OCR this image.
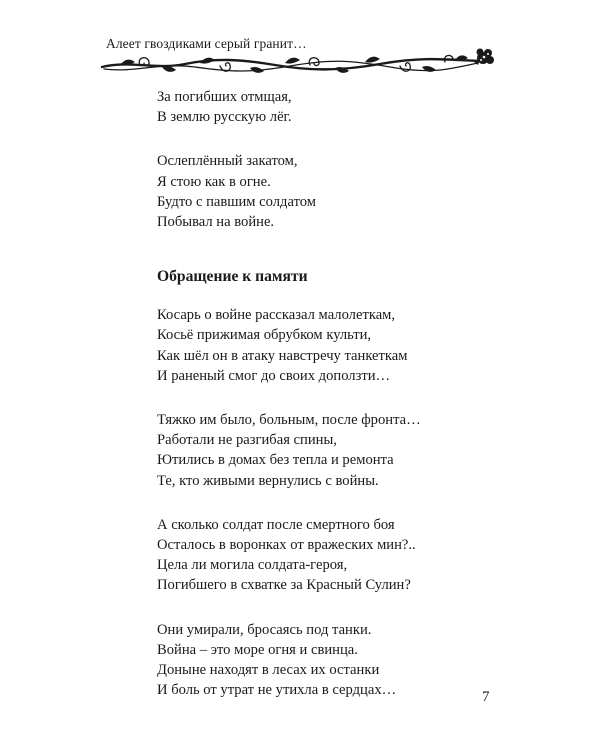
Алеет гвоздиками серый гранит…
За погибших отмщая,
В землю русскую лёг.
Ослеплённый закатом,
Я стою как в огне.
Будто с павшим солдатом
Побывал на войне.
Обращение к памяти
Косарь о войне рассказал малолеткам,
Косьё прижимая обрубком культи,
Как шёл он в атаку навстречу танкеткам
И раненый смог до своих доползти…
Тяжко им было, больным, после фронта…
Работали не разгибая спины,
Ютились в домах без тепла и ремонта
Те, кто живыми вернулись с войны.
А сколько солдат после смертного боя
Осталось в воронках от вражеских мин?..
Цела ли могила солдата-героя,
Погибшего в схватке за Красный Сулин?
Они умирали, бросаясь под танки.
Война – это море огня и свинца.
Доныне находят в лесах их останки
И боль от утрат не утихла в сердцах…	7
